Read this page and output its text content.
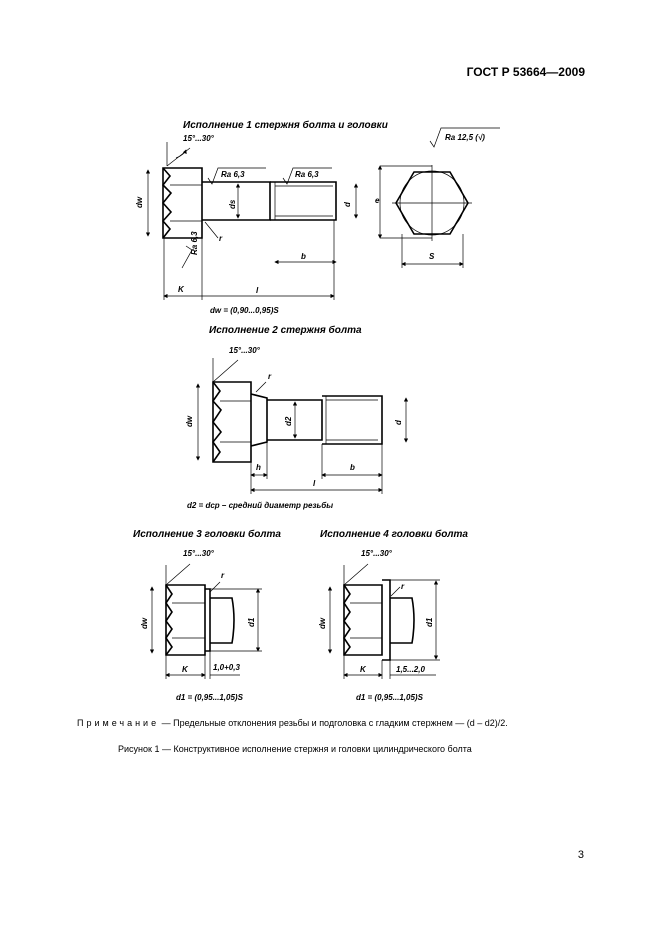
ГОСТ Р 53664—2009
Исполнение 1 стержня болта и головки
15°...30°
dw	ds	d
b
l
K
r
Ra 6,3	Ra 6,3
Ra 6,3
Ra 12,5 (√)
dw = (0,90...0,95)S
e
S
Исполнение 2 стержня болта
15°...30°
dw	d2	d
r
h	b
l
d2 = dср – средний диаметр резьбы
Исполнение 3 головки болта
15°...30°
dw	d1
r
K	1,0+0,3
d1 = (0,95...1,05)S
Исполнение 4 головки болта
15°...30°
dw	d1
r
K	1,5...2,0
d1 = (0,95...1,05)S
Примечание — Предельные отклонения резьбы и подголовка с гладким стержнем — (d – d2)/2.
Рисунок 1 — Конструктивное исполнение стержня и головки цилиндрического болта
3
